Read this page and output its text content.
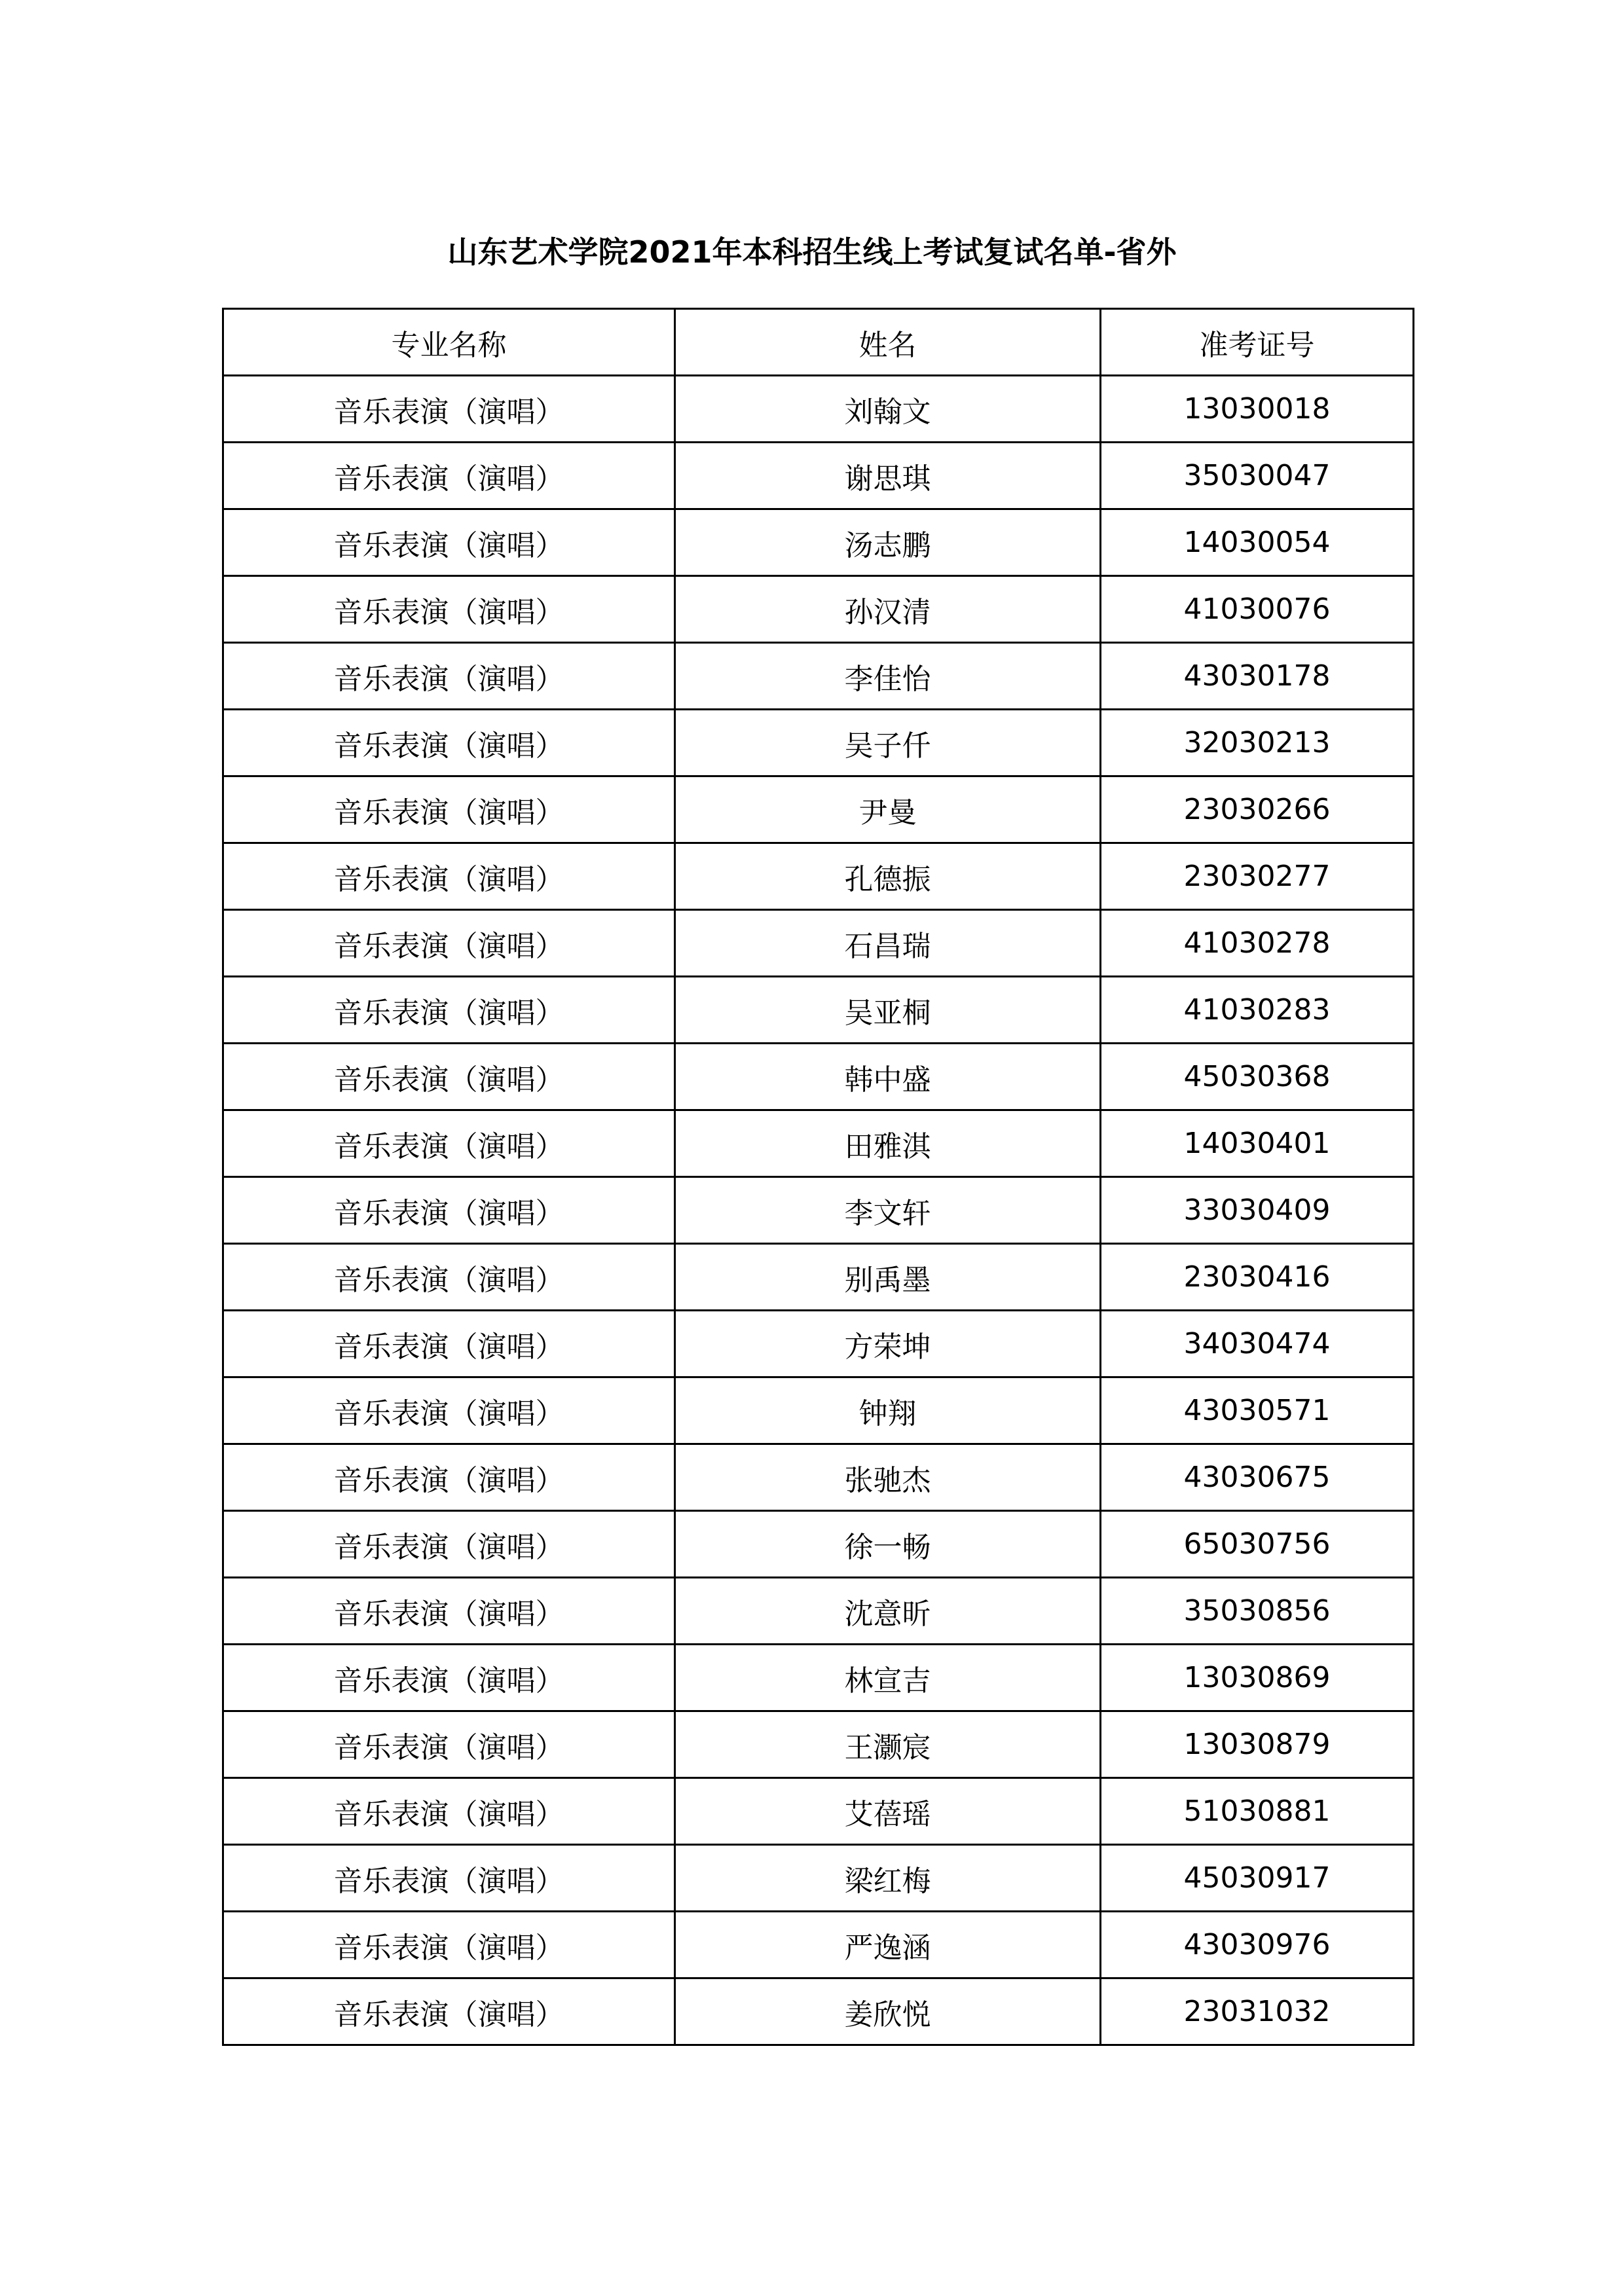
山东艺术学院2021年本科招生线上考试复试名单-省外
专业名称	姓名	准考证号
音乐表演（演唱）	刘翰文	13030018
音乐表演（演唱）	谢思琪	35030047
音乐表演（演唱）	汤志鹏	14030054
音乐表演（演唱）	孙汉清	41030076
音乐表演（演唱）	李佳怡	43030178
音乐表演（演唱）	吴子仟	32030213
音乐表演（演唱）	尹曼	23030266
音乐表演（演唱）	孔德振	23030277
音乐表演（演唱）	石昌瑞	41030278
音乐表演（演唱）	吴亚桐	41030283
音乐表演（演唱）	韩中盛	45030368
音乐表演（演唱）	田雅淇	14030401
音乐表演（演唱）	李文轩	33030409
音乐表演（演唱）	别禹墨	23030416
音乐表演（演唱）	方荣坤	34030474
音乐表演（演唱）	钟翔	43030571
音乐表演（演唱）	张驰杰	43030675
音乐表演（演唱）	徐一畅	65030756
音乐表演（演唱）	沈意昕	35030856
音乐表演（演唱）	林宣吉	13030869
音乐表演（演唱）	王灏宸	13030879
音乐表演（演唱）	艾蓓瑶	51030881
音乐表演（演唱）	梁红梅	45030917
音乐表演（演唱）	严逸涵	43030976
音乐表演（演唱）	姜欣悦	23031032
